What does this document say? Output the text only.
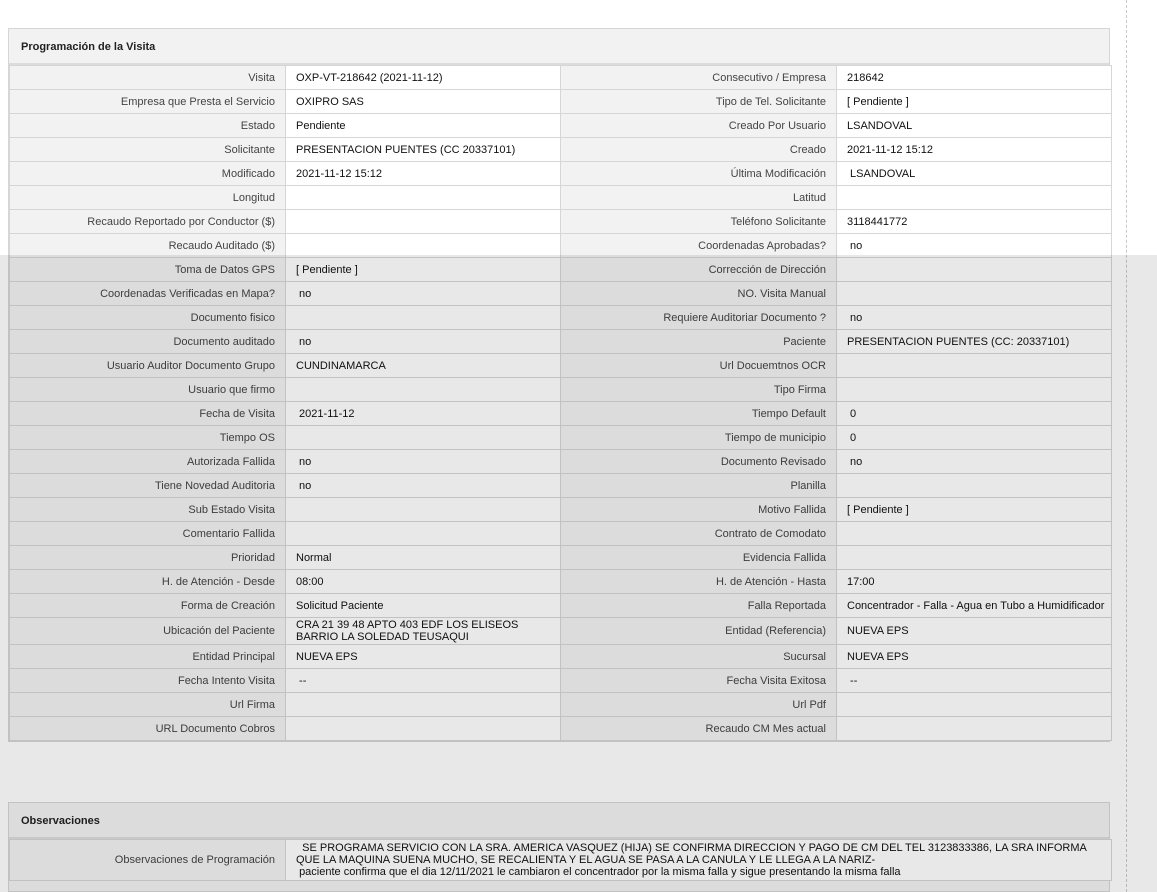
Programación de la Visita
Visita	OXP-VT-218642 (2021-11-12)	Consecutivo / Empresa	218642
Empresa que Presta el Servicio	OXIPRO SAS	Tipo de Tel. Solicitante	[ Pendiente ]
Estado	Pendiente	Creado Por Usuario	LSANDOVAL
Solicitante	PRESENTACION PUENTES (CC 20337101)	Creado	2021-11-12 15:12
Modificado	2021-11-12 15:12	Última Modificación	LSANDOVAL
Longitud		Latitud	
Recaudo Reportado por Conductor ($)		Teléfono Solicitante	3118441772
Recaudo Auditado ($)		Coordenadas Aprobadas?	no
Toma de Datos GPS	[ Pendiente ]	Corrección de Dirección	
Coordenadas Verificadas en Mapa?	no	NO. Visita Manual	
Documento fisico		Requiere Auditoriar Documento ?	no
Documento auditado	no	Paciente	PRESENTACION PUENTES (CC: 20337101)
Usuario Auditor Documento Grupo	CUNDINAMARCA	Url Docuemtnos OCR	
Usuario que firmo		Tipo Firma	
Fecha de Visita	2021-11-12	Tiempo Default	0
Tiempo OS		Tiempo de municipio	0
Autorizada Fallida	no	Documento Revisado	no
Tiene Novedad Auditoria	no	Planilla	
Sub Estado Visita		Motivo Fallida	[ Pendiente ]
Comentario Fallida		Contrato de Comodato	
Prioridad	Normal	Evidencia Fallida	
H. de Atención - Desde	08:00	H. de Atención - Hasta	17:00
Forma de Creación	Solicitud Paciente	Falla Reportada	Concentrador - Falla - Agua en Tubo a Humidificador
Ubicación del Paciente	CRA 21 39 48 APTO 403 EDF LOS ELISEOS BARRIO LA SOLEDAD TEUSAQUI	Entidad (Referencia)	NUEVA EPS
Entidad Principal	NUEVA EPS	Sucursal	NUEVA EPS
Fecha Intento Visita	--	Fecha Visita Exitosa	--
Url Firma		Url Pdf	
URL Documento Cobros		Recaudo CM Mes actual	
Observaciones
Observaciones de Programación	
SE PROGRAMA SERVICIO CON LA SRA. AMERICA VASQUEZ (HIJA) SE CONFIRMA DIRECCION Y PAGO DE CM DEL TEL 3123833386, LA SRA INFORMA QUE LA MAQUINA SUENA MUCHO, SE RECALIENTA Y EL AGUA SE PASA A LA CANULA Y LE LLEGA A LA NARIZ-
paciente confirma que el dia 12/11/2021 le cambiaron el concentrador por la misma falla y sigue presentando la misma falla
